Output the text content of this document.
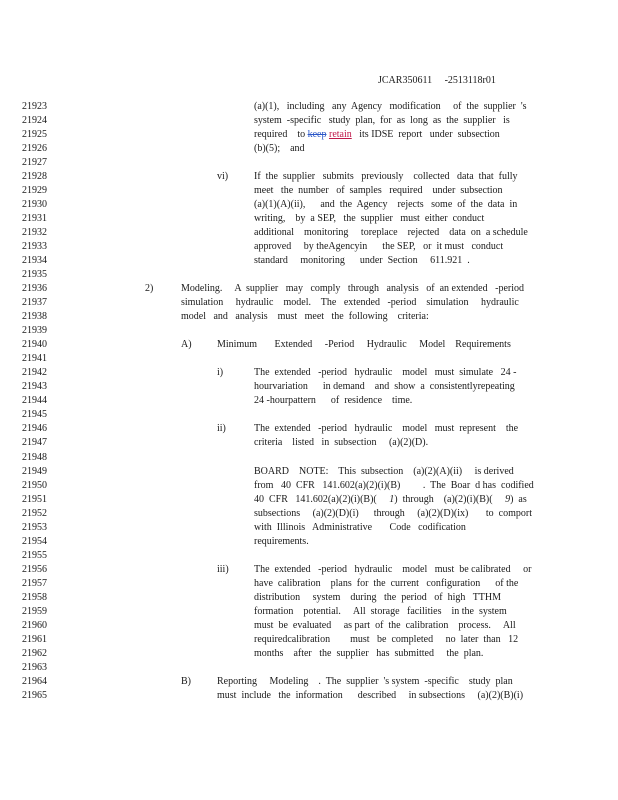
JCAR350611     -2513118r01
21923	(a)(1),   including   any  Agency   modification     of  the  supplier  's
21924	system  -specific   study  plan,  for  as  long  as  the  supplier   is
21925	required    to keep retain   its IDSE  report   under  subsection
21926	(b)(5);    and
21927
21928	vi)	If  the  supplier   submits   previously    collected   data  that  fully
21929	meet   the  number   of  samples   required    under  subsection
21930	(a)(1)(A)(ii),      and  the  Agency    rejects   some  of  the  data  in
21931	writing,    by  a SEP,   the  supplier   must  either  conduct
21932	additional    monitoring     toreplace    rejected    data  on  a schedule
21933	approved     by theAgencyin      the SEP,   or  it must   conduct
21934	standard     monitoring      under  Section     611.921  .
21935
21936	2)	Modeling.     A  supplier   may   comply   through   analysis   of  an extended   -period
21937	simulation     hydraulic    model.    The   extended   -period    simulation     hydraulic
21938	model   and   analysis    must   meet   the  following    criteria:
21939
21940	A)	Minimum       Extended     -Period     Hydraulic     Model    Requirements
21941
21942	i)	The  extended   -period   hydraulic    model   must  simulate   24 -
21943	hourvariation      in demand    and  show  a  consistentlyrepeating
21944	24 -hourpattern      of  residence    time.
21945
21946	ii)	The  extended   -period   hydraulic    model   must  represent    the
21947	criteria    listed   in  subsection     (a)(2)(D).
21948
21949	BOARD    NOTE:    This  subsection    (a)(2)(A)(ii)     is derived
21950	from   40  CFR   141.602(a)(2)(i)(B)         .  The  Boar  d has  codified
21951	40  CFR   141.602(a)(2)(i)(B)(     1)  through    (a)(2)(i)(B)(     9)  as
21952	subsections     (a)(2)(D)(i)      through     (a)(2)(D)(ix)       to  comport
21953	with  Illinois   Administrative       Code   codification
21954	requirements.
21955
21956	iii)	The  extended   -period   hydraulic    model   must  be calibrated     or
21957	have  calibration    plans  for  the  current   configuration      of the
21958	distribution     system    during   the  period   of  high   TTHM
21959	formation    potential.     All  storage   facilities    in the  system
21960	must  be  evaluated     as part  of  the  calibration    process.     All
21961	requiredcalibration        must   be  completed     no  later  than   12
21962	months    after   the  supplier   has  submitted     the  plan.
21963
21964	B)	Reporting     Modeling    .  The  supplier  's system  -specific    study  plan
21965	must  include   the  information      described     in subsections     (a)(2)(B)(i)
